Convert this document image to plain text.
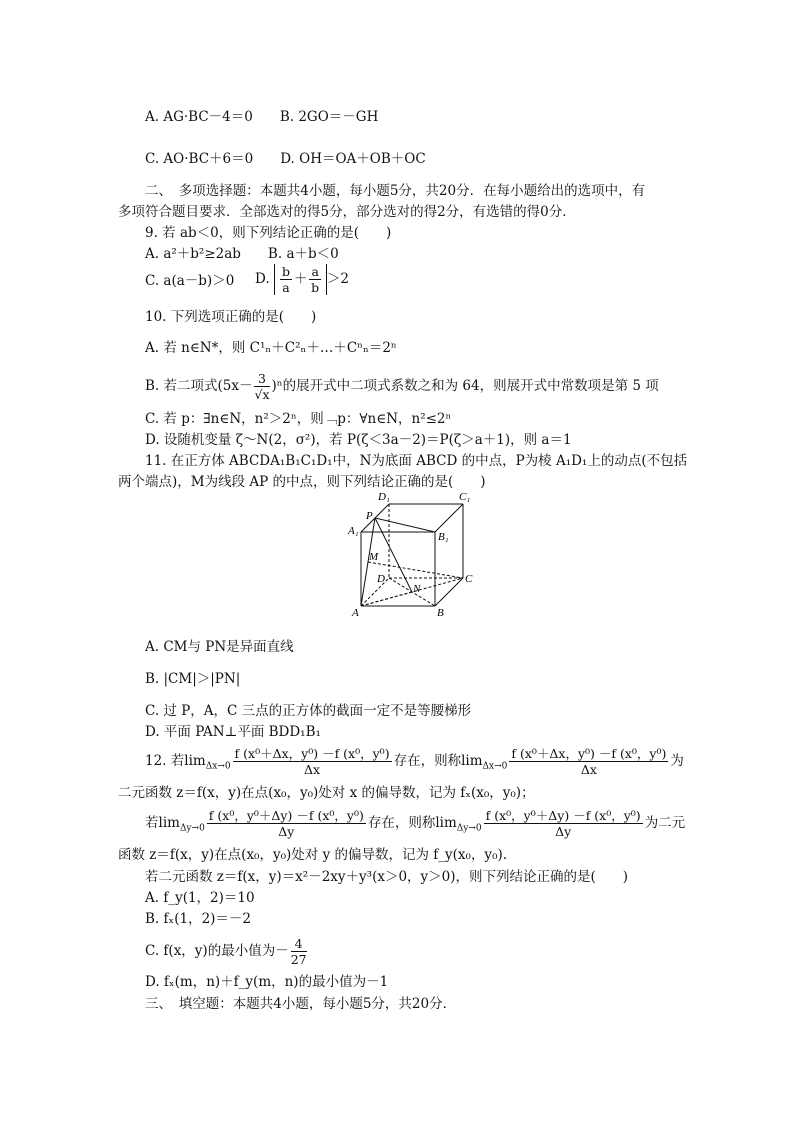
A. AG·BC－4＝0　　B. 2GO＝－GH
C. AO·BC＋6＝0　　D. OH＝OA＋OB＋OC
二、　多项选择题：本题共4小题，每小题5分，共20分．在每小题给出的选项中，有
多项符合题目要求．全部选对的得5分，部分选对的得2分，有选错的得0分．
9. 若 ab＜0，则下列结论正确的是(　　)
A. a²＋b²≥2ab　　B. a＋b＜0
C. a(a－b)＞0 D. $\frac{b}{a} + \frac{a}{b} >2$
10. 下列选项正确的是(　　)
A. 若 n∈N*，则 C¹ₙ＋C²ₙ＋…＋Cⁿₙ＝2ⁿ
B. 若二项式$(5x- \frac{3}{√x} )^n$的展开式中二项式系数之和为 64，则展开式中常数项是第 5 项
C. 若 p：∃n∈N，n²＞2ⁿ，则﹁p：∀n∈N，n²≤2ⁿ
D. 设随机变量 ζ～N(2，σ²)，若 P(ζ＜3a－2)＝P(ζ＞a＋1)，则 a＝1
11. 在正方体 ABCDA₁B₁C₁D₁中，N为底面 ABCD 的中点，P为棱 A₁D₁上的动点(不包括
两个端点)，M为线段 AP 的中点，则下列结论正确的是(　　)
D₁	C₁
A₁	B₁
P
M
D	C
N
A	B
A. CM与 PN是异面直线
B. |CM|＞|PN|
C. 过 P，A，C 三点的正方体的截面一定不是等腰梯形
D. 平面 PAN⊥平面 BDD₁B₁
12. 若$\lim_{\Delta x\to 0} \frac{\text{f (x⁰＋Δx，y⁰) －f (x⁰，y⁰)}}{\Delta x}$ 存在，则称$\lim_{\Delta x\to 0} \frac{\text{f (x⁰＋Δx，y⁰) －f (x⁰，y⁰)}}{\Delta x}$ 为
二元函数 z＝f(x，y)在点(x₀，y₀)处对 x 的偏导数，记为 fₓ(x₀，y₀)；
若$\lim_{\Delta y\to 0} \frac{\text{f (x⁰，y⁰＋Δy) －f (x⁰，y⁰)}}{\Delta y}$ 存在，则称$\lim_{\Delta y\to 0} \frac{\text{f (x⁰，y⁰＋Δy) －f (x⁰，y⁰)}}{\Delta y}$ 为二元
函数 z＝f(x，y)在点(x₀，y₀)处对 y 的偏导数，记为 f_y(x₀，y₀).
若二元函数 z＝f(x，y)＝x²－2xy＋y³(x＞0，y＞0)，则下列结论正确的是(　　)
A. f_y(1，2)＝10
B. fₓ(1，2)＝－2
C. f(x，y)的最小值为－ $\frac{4}{27}$
D. fₓ(m，n)＋f_y(m，n)的最小值为－1
三、　填空题：本题共4小题，每小题5分，共20分．
